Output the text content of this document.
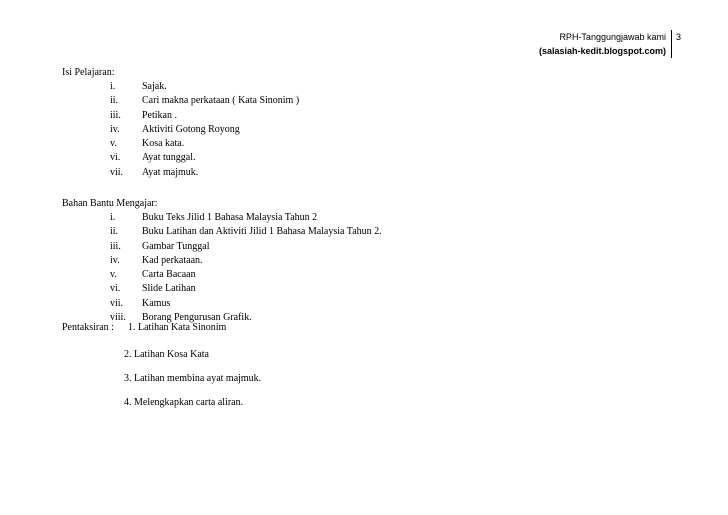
RPH-Tanggungjawab kami
(salasiah-kedit.blogspot.com)
3
Isi Pelajaran:
i.	Sajak.
ii. Cari makna perkataan ( Kata Sinonim )
iii. Petikan .
iv. Aktiviti Gotong Royong
v.	Kosa kata.
vi. Ayat tunggal.
vii. Ayat majmuk.
Bahan Bantu Mengajar:
i.	Buku Teks Jilid 1 Bahasa Malaysia Tahun 2
ii. Buku Latihan dan Aktiviti Jilid 1 Bahasa Malaysia Tahun 2.
iii. Gambar Tunggal
iv. Kad perkataan.
v.	Carta Bacaan
vi. Slide Latihan
vii. Kamus
viii. Borang Pengurusan Grafik.
Pentaksiran : 1. Latihan Kata Sinonim
2. Latihan Kosa Kata
3. Latihan membina ayat majmuk.
4. Melengkapkan carta aliran.
